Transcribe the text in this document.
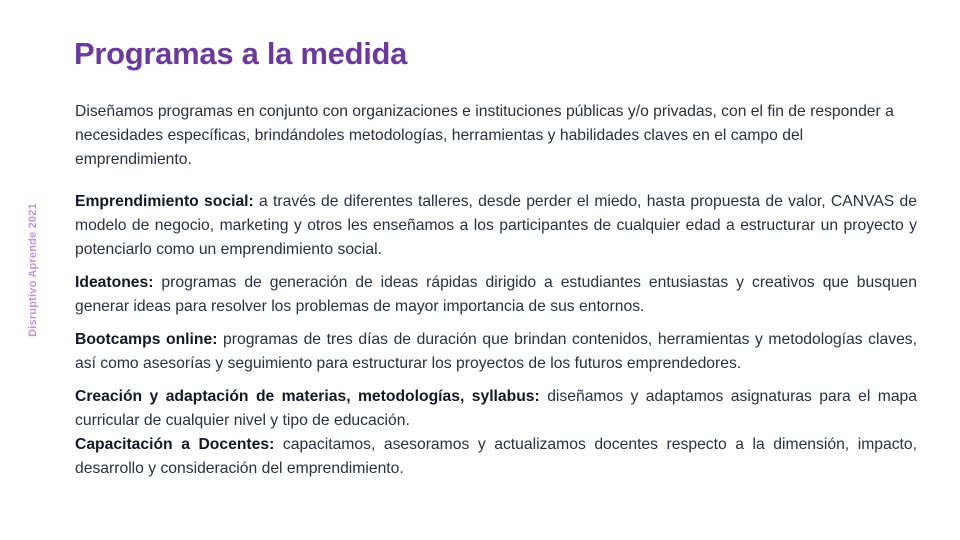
Disruptivo Aprende 2021
Programas a la medida

Diseñamos programas en conjunto con organizaciones e instituciones públicas y/o privadas, con el fin de responder a necesidades específicas, brindándoles metodologías, herramientas y habilidades claves en el campo del emprendimiento.

Emprendimiento social: a través de diferentes talleres, desde perder el miedo, hasta propuesta de valor, CANVAS de modelo de negocio, marketing y otros les enseñamos a los participantes de cualquier edad a estructurar un proyecto y potenciarlo como un emprendimiento social.

Ideatones: programas de generación de ideas rápidas dirigido a estudiantes entusiastas y creativos que busquen generar ideas para resolver los problemas de mayor importancia de sus entornos.

Bootcamps online: programas de tres días de duración que brindan contenidos, herramientas y metodologías claves, así como asesorías y seguimiento para estructurar los proyectos de los futuros emprendedores.

Creación y adaptación de materias, metodologías, syllabus: diseñamos y adaptamos asignaturas para el mapa curricular de cualquier nivel y tipo de educación.

Capacitación a Docentes: capacitamos, asesoramos y actualizamos docentes respecto a la dimensión, impacto, desarrollo y consideración del emprendimiento.
